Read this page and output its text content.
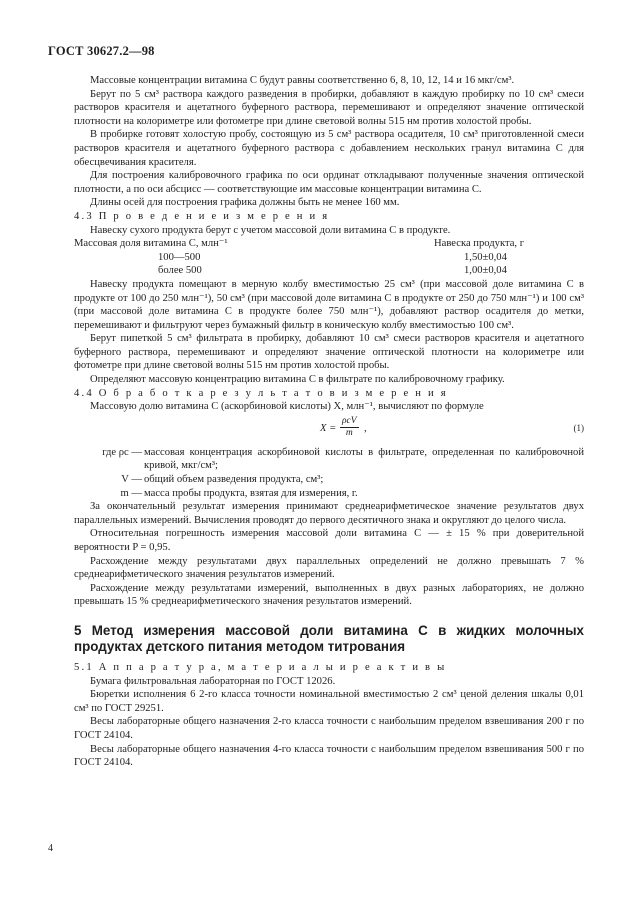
ГОСТ 30627.2—98

Массовые концентрации витамина С будут равны соответственно 6, 8, 10, 12, 14 и 16 мкг/см³.

Берут по 5 см³ раствора каждого разведения в пробирки, добавляют в каждую пробирку по 10 см³ смеси растворов красителя и ацетатного буферного раствора, перемешивают и определяют значение оптической плотности на колориметре или фотометре при длине световой волны 515 нм против холостой пробы.

В пробирке готовят холостую пробу, состоящую из 5 см³ раствора осадителя, 10 см³ приготовленной смеси растворов красителя и ацетатного буферного раствора с добавлением нескольких гранул витамина С для обесцвечивания красителя.

Для построения калибровочного графика по оси ординат откладывают полученные значения оптической плотности, а по оси абсцисс — соответствующие им массовые концентрации витамина С.

Длины осей для построения графика должны быть не менее 160 мм.

4.3 П р о в е д е н и е и з м е р е н и я

Навеску сухого продукта берут с учетом массовой доли витамина С в продукте.

Массовая доля витамина С, млн⁻¹	Навеска продукта, г
100—500	1,50±0,04
более 500	1,00±0,04

Навеску продукта помещают в мерную колбу вместимостью 25 см³ (при массовой доле витамина С в продукте от 100 до 250 млн⁻¹), 50 см³ (при массовой доле витамина С в продукте от 250 до 750 млн⁻¹) и 100 см³ (при массовой доле витамина С в продукте более 750 млн⁻¹), добавляют раствор осадителя до метки, перемешивают и фильтруют через бумажный фильтр в коническую колбу вместимостью 100 см³.

Берут пипеткой 5 см³ фильтрата в пробирку, добавляют 10 см³ смеси растворов красителя и ацетатного буферного раствора, перемешивают и определяют значение оптической плотности на колориметре или фотометре при длине световой волны 515 нм против холостой пробы.

Определяют массовую концентрацию витамина С в фильтрате по калибровочному графику.

4.4 О б р а б о т к а р е з у л ь т а т о в и з м е р е н и я

Массовую долю витамина С (аскорбиновой кислоты) X, млн⁻¹, вычисляют по формуле

X =
ρcV
m ,	(1)
где ρc — массовая концентрация аскорбиновой кислоты в фильтрате, определенная по калибровочной кривой, мкг/см³;
V — общий объем разведения продукта, см³;
m — масса пробы продукта, взятая для измерения, г.

За окончательный результат измерения принимают среднеарифметическое значение результатов двух параллельных измерений. Вычисления проводят до первого десятичного знака и округляют до целого числа.

Относительная погрешность измерения массовой доли витамина С — ± 15 % при доверительной вероятности P = 0,95.

Расхождение между результатами двух параллельных определений не должно превышать 7 % среднеарифметического значения результатов измерений.

Расхождение между результатами измерений, выполненных в двух разных лабораториях, не должно превышать 15 % среднеарифметического значения результатов измерений.

5 Метод измерения массовой доли витамина С в жидких молочных продуктах детского питания методом титрования

5.1 А п п а р а т у р а, м а т е р и а л ы и р е а к т и в ы

Бумага фильтровальная лабораторная по ГОСТ 12026.

Бюретки исполнения 6 2-го класса точности номинальной вместимостью 2 см³ ценой деления шкалы 0,01 см³ по ГОСТ 29251.

Весы лабораторные общего назначения 2-го класса точности с наибольшим пределом взвешивания 200 г по ГОСТ 24104.

Весы лабораторные общего назначения 4-го класса точности с наибольшим пределом взвешивания 500 г по ГОСТ 24104.

4
